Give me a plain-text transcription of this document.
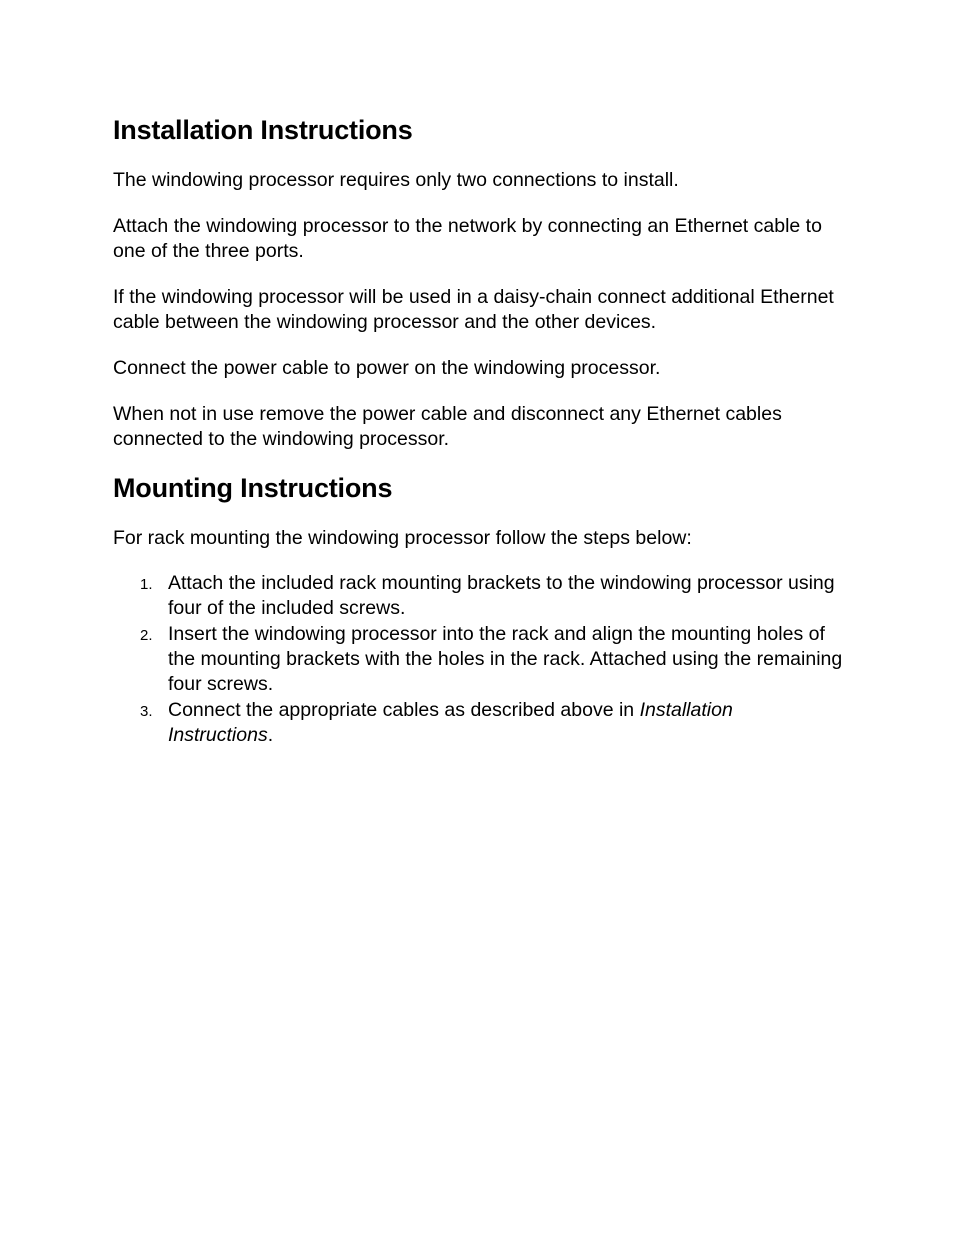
Installation Instructions

The windowing processor requires only two connections to install.

Attach the windowing processor to the network by connecting an Ethernet cable to one of the three ports.

If the windowing processor will be used in a daisy-chain connect additional Ethernet cable between the windowing processor and the other devices.

Connect the power cable to power on the windowing processor.

When not in use remove the power cable and disconnect any Ethernet cables connected to the windowing processor.

Mounting Instructions

For rack mounting the windowing processor follow the steps below:

1. Attach the included rack mounting brackets to the windowing processor using four of the included screws.
2. Insert the windowing processor into the rack and align the mounting holes of the mounting brackets with the holes in the rack. Attached using the remaining four screws.
3. Connect the appropriate cables as described above in Installation Instructions.
